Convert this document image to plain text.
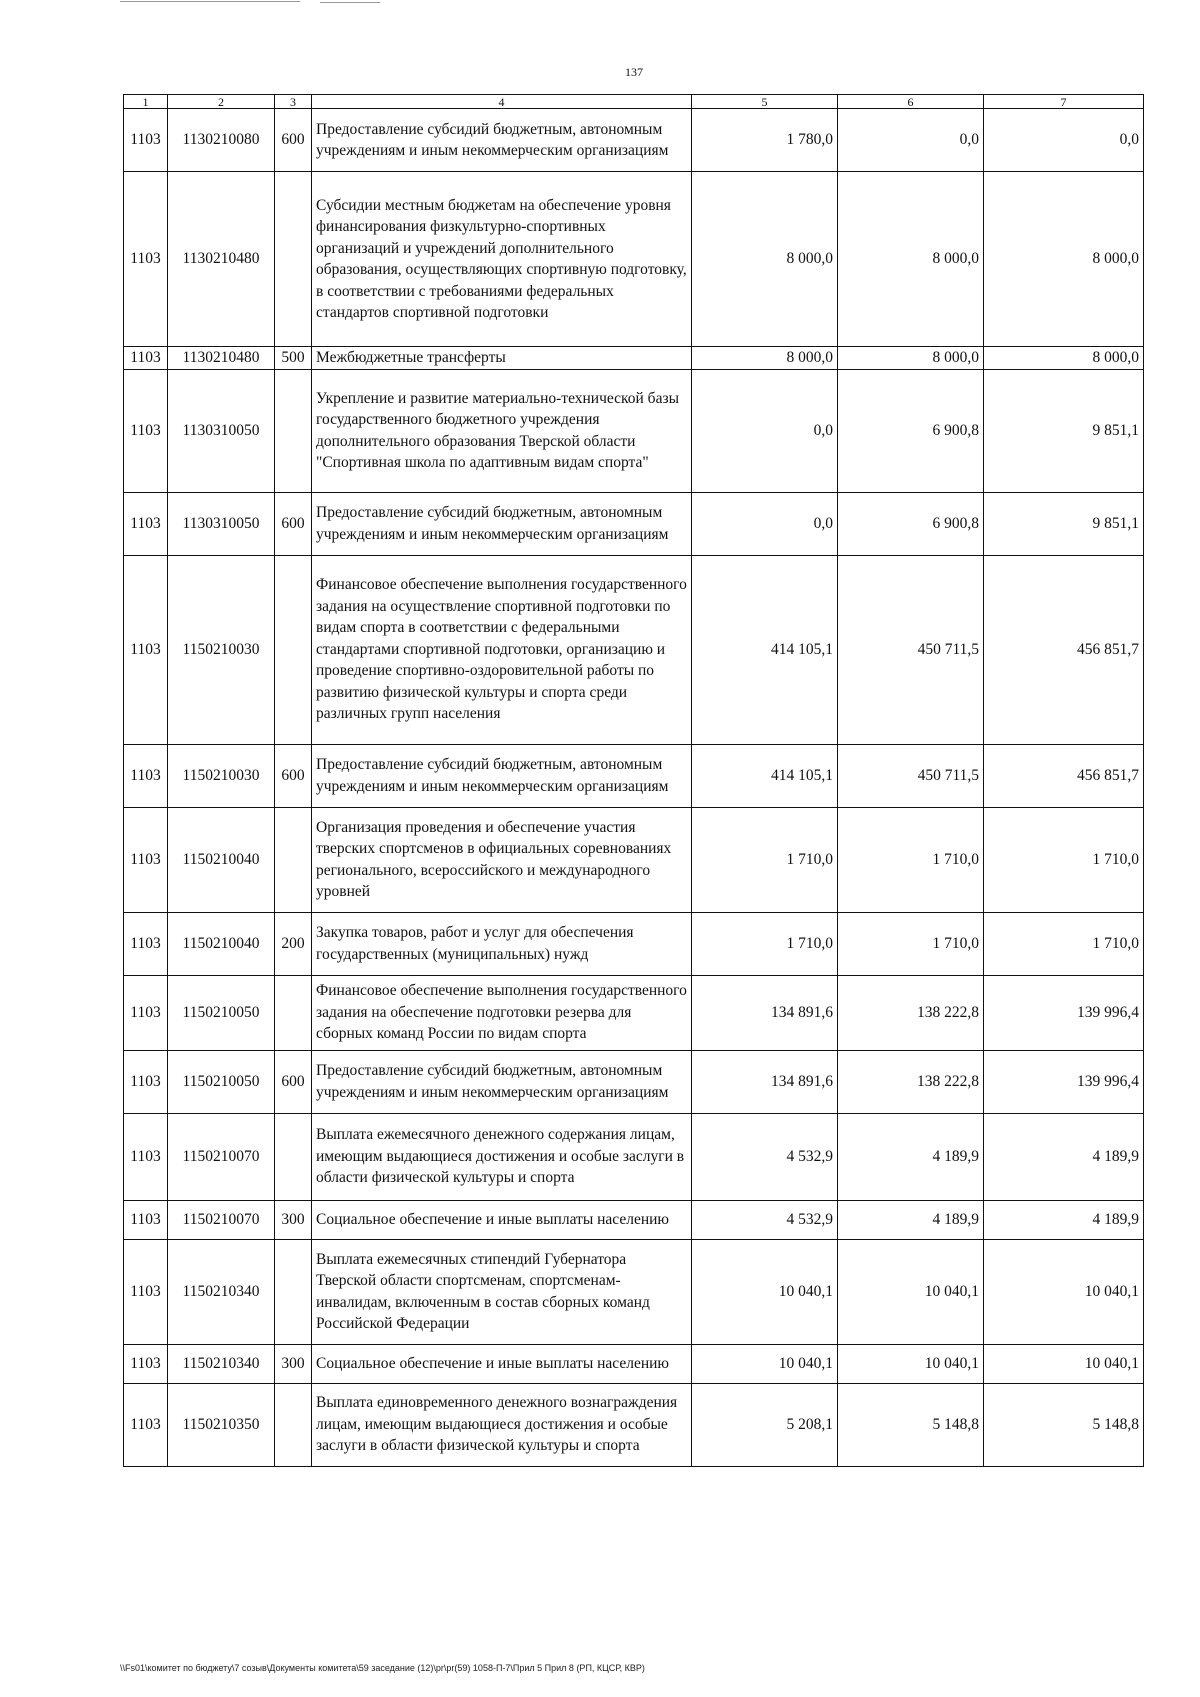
137
1	2	3	4	5	6	7
1103	1130210080	600	Предоставление субсидий бюджетным, автономным учреждениям и иным некоммерческим организациям	1 780,0	0,0	0,0
1103	1130210480		Субсидии местным бюджетам на обеспечение уровня финансирования физкультурно-спортивных организаций и учреждений дополнительного образования, осуществляющих спортивную подготовку, в соответствии с требованиями федеральных стандартов спортивной подготовки	8 000,0	8 000,0	8 000,0
1103	1130210480	500	Межбюджетные трансферты	8 000,0	8 000,0	8 000,0
1103	1130310050		Укрепление и развитие материально-технической базы государственного бюджетного учреждения дополнительного образования Тверской области "Спортивная школа по адаптивным видам спорта"	0,0	6 900,8	9 851,1
1103	1130310050	600	Предоставление субсидий бюджетным, автономным учреждениям и иным некоммерческим организациям	0,0	6 900,8	9 851,1
1103	1150210030		Финансовое обеспечение выполнения государственного задания на осуществление спортивной подготовки по видам спорта в соответствии с федеральными стандартами спортивной подготовки, организацию и проведение спортивно-оздоровительной работы по развитию физической культуры и спорта среди различных групп населения	414 105,1	450 711,5	456 851,7
1103	1150210030	600	Предоставление субсидий бюджетным, автономным учреждениям и иным некоммерческим организациям	414 105,1	450 711,5	456 851,7
1103	1150210040		Организация проведения и обеспечение участия тверских спортсменов в официальных соревнованиях регионального, всероссийского и международного уровней	1 710,0	1 710,0	1 710,0
1103	1150210040	200	Закупка товаров, работ и услуг для обеспечения государственных (муниципальных) нужд	1 710,0	1 710,0	1 710,0
1103	1150210050		Финансовое обеспечение выполнения государственного задания на обеспечение подготовки резерва для сборных команд России по видам спорта	134 891,6	138 222,8	139 996,4
1103	1150210050	600	Предоставление субсидий бюджетным, автономным учреждениям и иным некоммерческим организациям	134 891,6	138 222,8	139 996,4
1103	1150210070		Выплата ежемесячного денежного содержания лицам, имеющим выдающиеся достижения и особые заслуги в области физической культуры и спорта	4 532,9	4 189,9	4 189,9
1103	1150210070	300	Социальное обеспечение и иные выплаты населению	4 532,9	4 189,9	4 189,9
1103	1150210340		Выплата ежемесячных стипендий Губернатора Тверской области спортсменам, спортсменам-инвалидам, включенным в состав сборных команд Российской Федерации	10 040,1	10 040,1	10 040,1
1103	1150210340	300	Социальное обеспечение и иные выплаты населению	10 040,1	10 040,1	10 040,1
1103	1150210350		Выплата единовременного денежного вознаграждения лицам, имеющим выдающиеся достижения и особые заслуги в области физической культуры и спорта	5 208,1	5 148,8	5 148,8
\\Fs01\комитет по бюджету\7 созыв\Документы комитета\59 заседание (12)\pr\pr(59) 1058-П-7\Прил 5 Прил 8 (РП, КЦСР, КВР)
